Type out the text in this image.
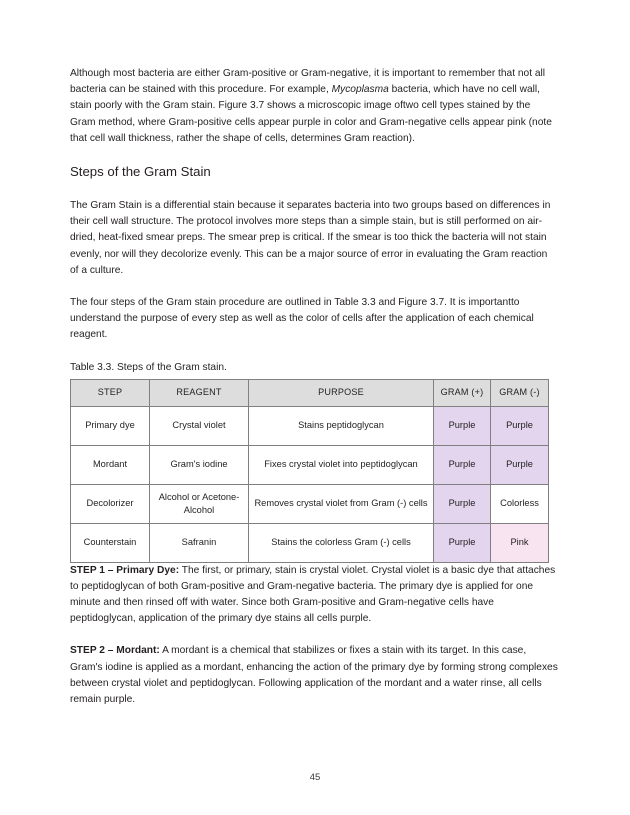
Although most bacteria are either Gram-positive or Gram-negative, it is important to remember that not all bacteria can be stained with this procedure. For example, Mycoplasma bacteria, which have no cell wall, stain poorly with the Gram stain. Figure 3.7 shows a microscopic image oftwo cell types stained by the Gram method, where Gram-positive cells appear purple in color and Gram-negative cells appear pink (note that cell wall thickness, rather the shape of cells, determines Gram reaction).

Steps of the Gram Stain

The Gram Stain is a differential stain because it separates bacteria into two groups based on differences in their cell wall structure. The protocol involves more steps than a simple stain, but is still performed on air-dried, heat-fixed smear preps. The smear prep is critical. If the smear is too thick the bacteria will not stain evenly, nor will they decolorize evenly. This can be a major source of error in evaluating the Gram reaction of a culture.

The four steps of the Gram stain procedure are outlined in Table 3.3 and Figure 3.7. It is importantto understand the purpose of every step as well as the color of cells after the application of each chemical reagent.

Table 3.3. Steps of the Gram stain.
STEP	REAGENT	PURPOSE	GRAM (+)	GRAM (-)
Primary dye	Crystal violet	Stains peptidoglycan	Purple	Purple
Mordant	Gram's iodine	Fixes crystal violet into peptidoglycan	Purple	Purple
Decolorizer	Alcohol or Acetone-Alcohol	Removes crystal violet from Gram (-) cells	Purple	Colorless
Counterstain	Safranin	Stains the colorless Gram (-) cells	Purple	Pink

STEP 1 – Primary Dye: The first, or primary, stain is crystal violet. Crystal violet is a basic dye that attaches to peptidoglycan of both Gram-positive and Gram-negative bacteria. The primary dye is applied for one minute and then rinsed off with water. Since both Gram-positive and Gram-negative cells have peptidoglycan, application of the primary dye stains all cells purple.

STEP 2 – Mordant: A mordant is a chemical that stabilizes or fixes a stain with its target. In this case, Gram's iodine is applied as a mordant, enhancing the action of the primary dye by forming strong complexes between crystal violet and peptidoglycan. Following application of the mordant and a water rinse, all cells remain purple.

45
